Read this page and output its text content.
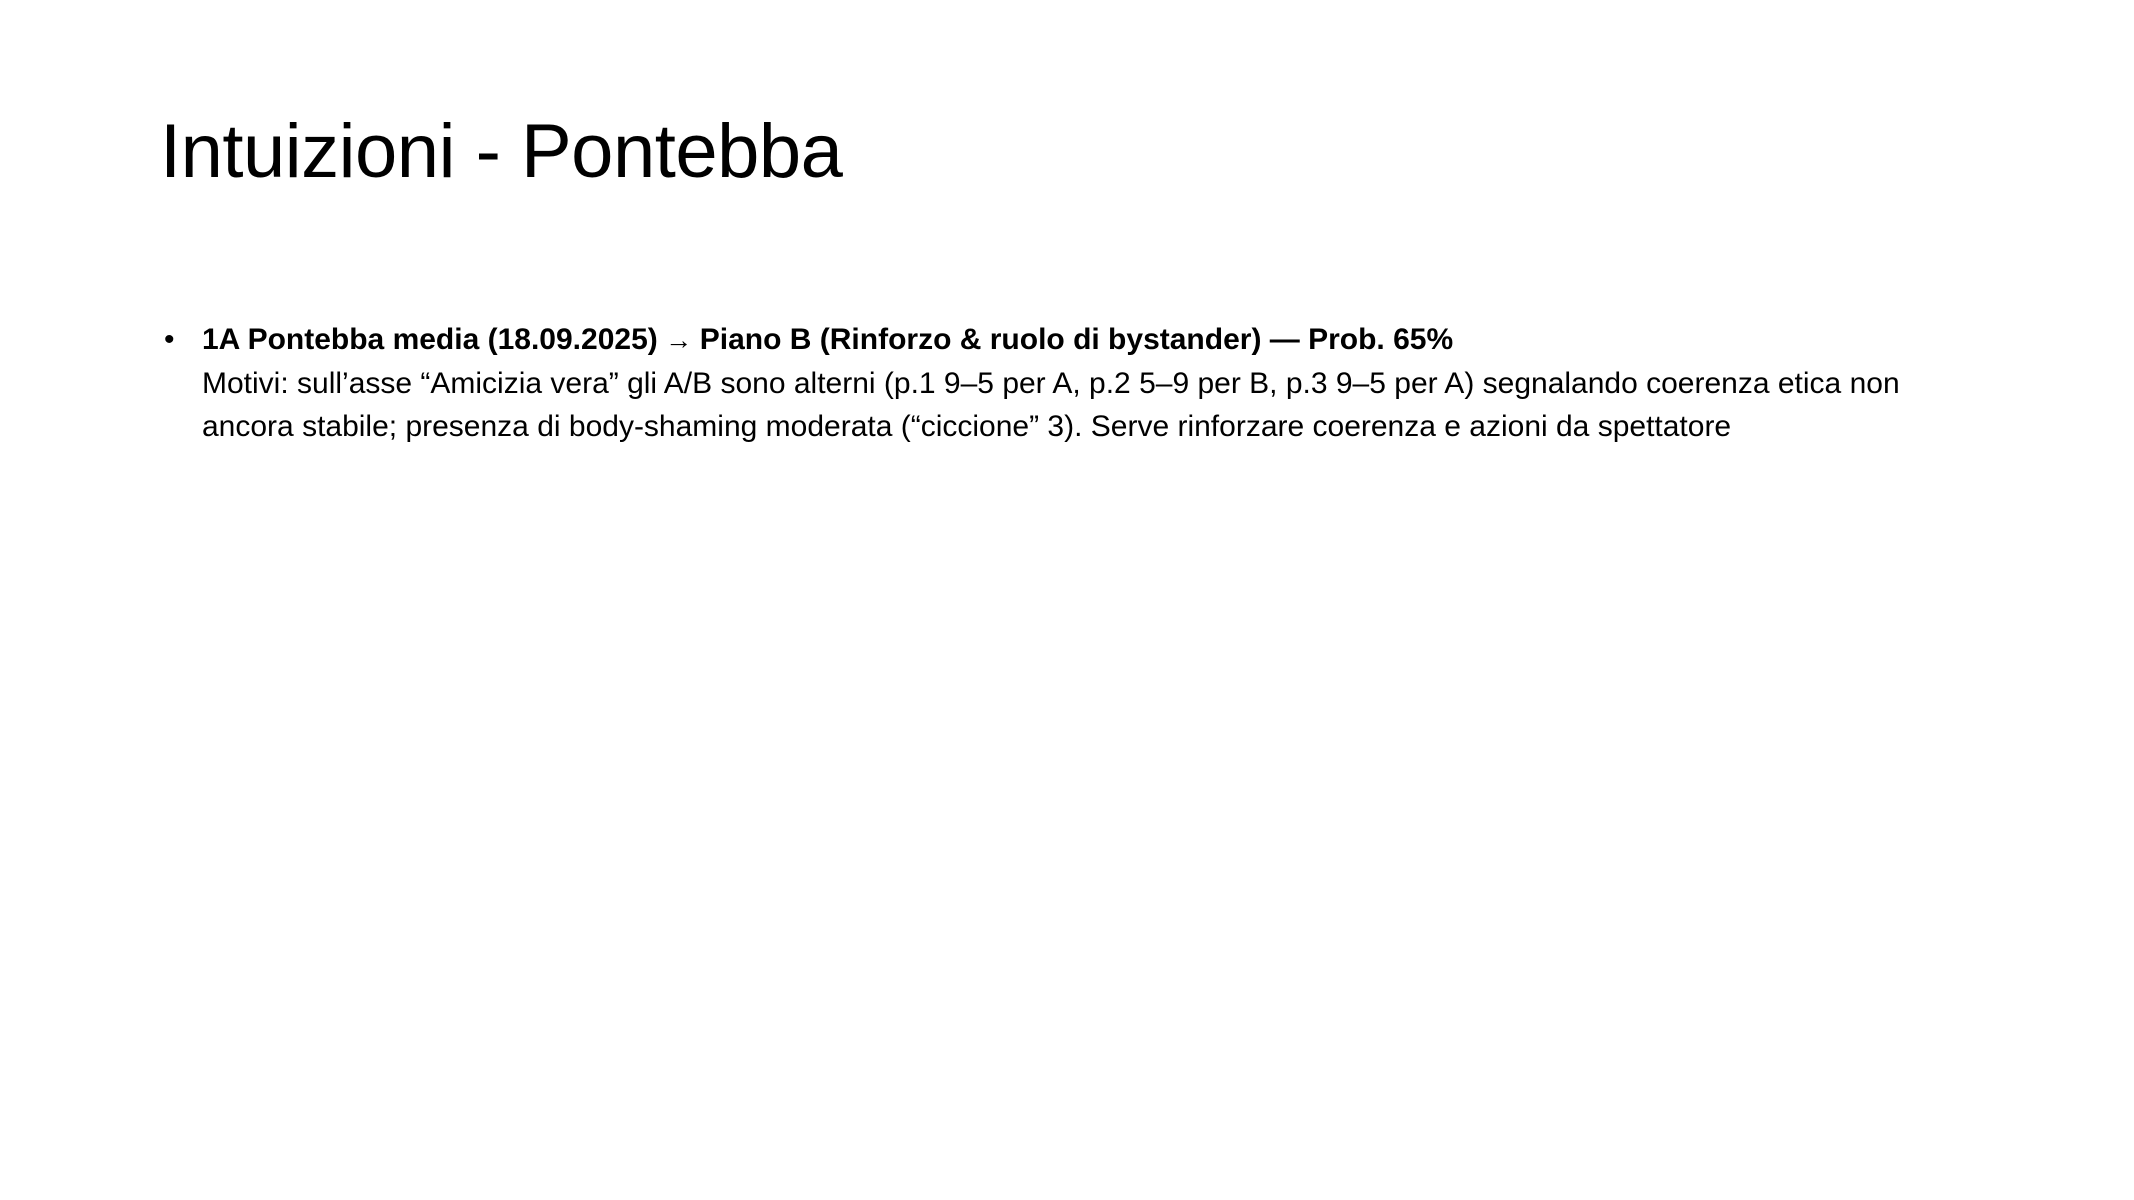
Intuizioni - Pontebba
• 1A Pontebba media (18.09.2025) → Piano B (Rinforzo & ruolo di bystander) — Prob. 65%
Motivi: sull’asse “Amicizia vera” gli A/B sono alterni (p.1 9–5 per A, p.2 5–9 per B, p.3 9–5 per A) segnalando coerenza etica non ancora stabile; presenza di body-shaming moderata (“ciccione” 3). Serve rinforzare coerenza e azioni da spettatore
